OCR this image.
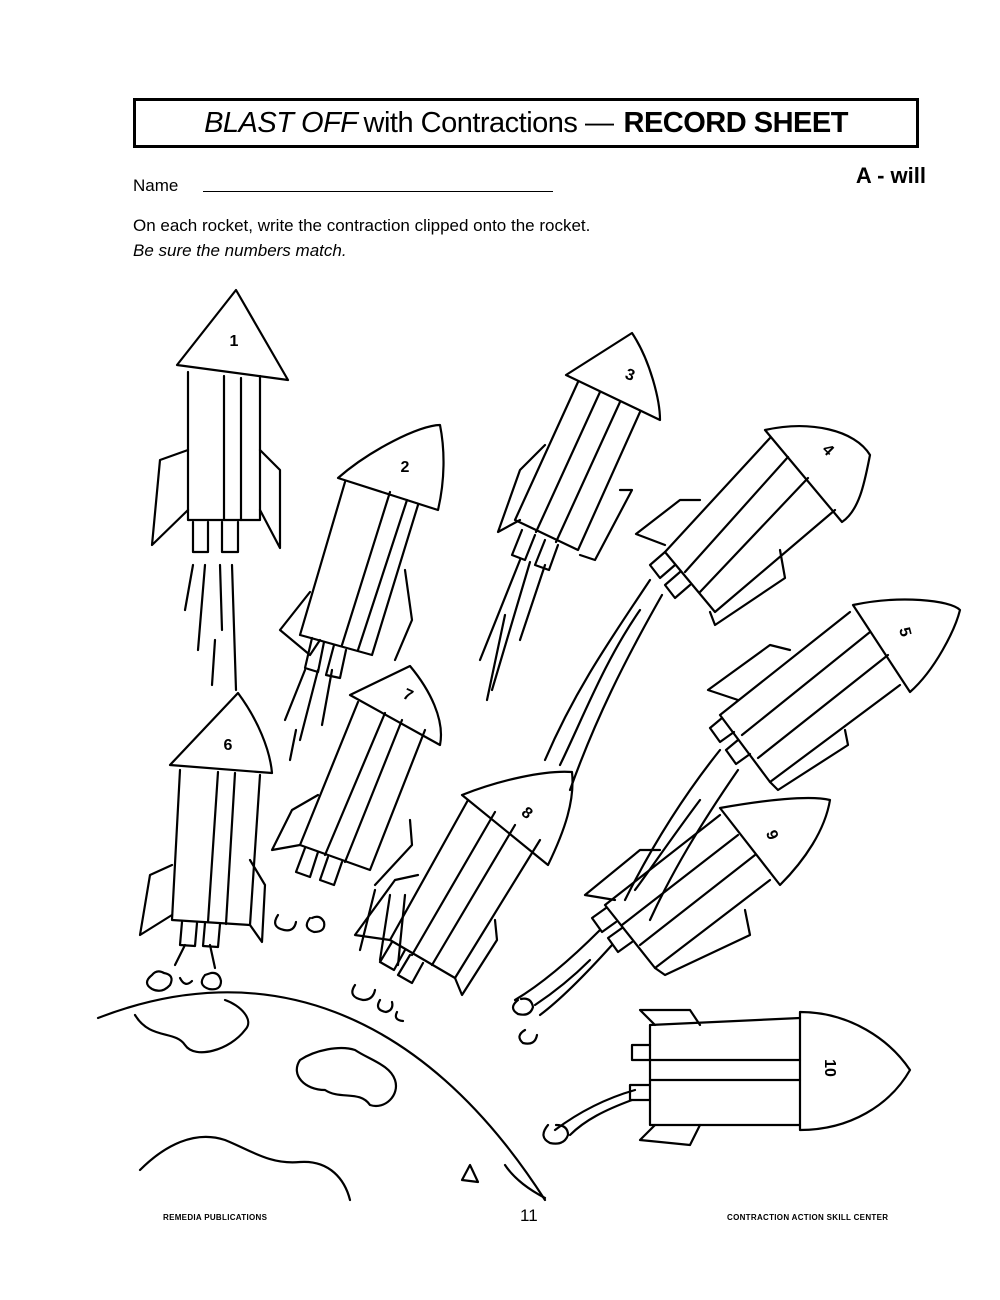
BLAST OFF with Contractions — RECORD SHEET
Name	A - will
On each rocket, write the contraction clipped onto the rocket.
Be sure the numbers match.
1
2
3
4
5
6
7
8
9
10
REMEDIA PUBLICATIONS	11	CONTRACTION ACTION SKILL CENTER
